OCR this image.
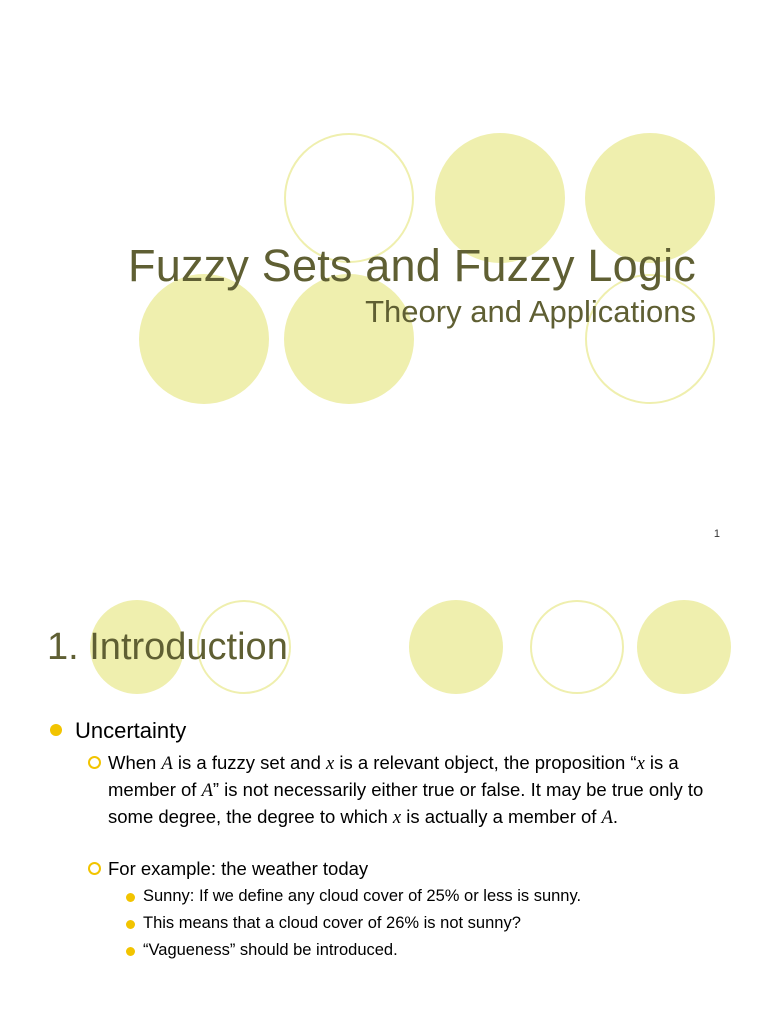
Fuzzy Sets and Fuzzy Logic
Theory and Applications
1
1. Introduction
Uncertainty
When A is a fuzzy set and x is a relevant object, the proposition “x is a member of A” is not necessarily either true or false. It may be true only to some degree, the degree to which x is actually a member of A.
For example: the weather today
Sunny: If we define any cloud cover of 25% or less is sunny.
This means that a cloud cover of 26% is not sunny?
“Vagueness” should be introduced.
